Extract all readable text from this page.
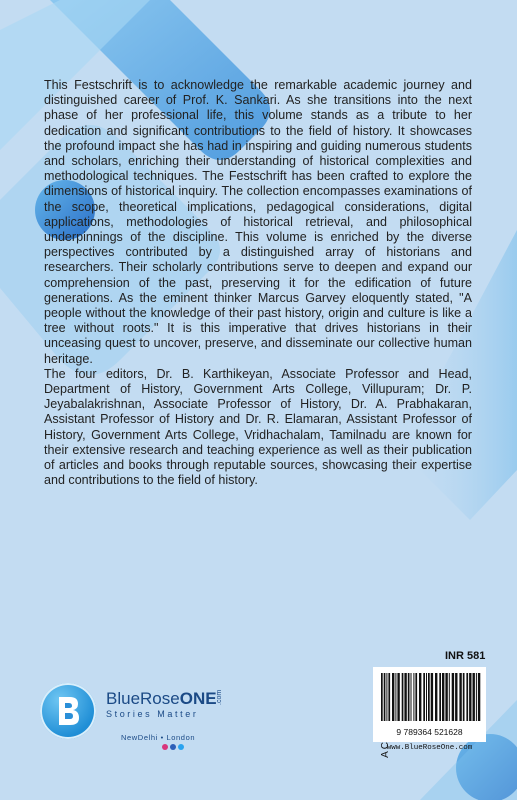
This Festschrift is to acknowledge the remarkable academic journey and distinguished career of Prof. K. Sankari. As she transitions into the next phase of her professional life, this volume stands as a tribute to her dedication and significant contributions to the field of history. It showcases the profound impact she has had in inspiring and guiding numerous students and scholars, enriching their understanding of historical complexities and methodological techniques. The Festschrift has been crafted to explore the dimensions of historical inquiry. The collection encompasses examinations of the scope, theoretical implications, pedagogical considerations, digital applications, methodologies of historical retrieval, and philosophical underpinnings of the discipline. This volume is enriched by the diverse perspectives contributed by a distinguished array of historians and researchers. Their scholarly contributions serve to deepen and expand our comprehension of the past, preserving it for the edification of future generations. As the eminent thinker Marcus Garvey eloquently stated, "A people without the knowledge of their past history, origin and culture is like a tree without roots." It is this imperative that drives historians in their unceasing quest to uncover, preserve, and disseminate our collective human heritage.

The four editors, Dr. B. Karthikeyan, Associate Professor and Head, Department of History, Government Arts College, Villupuram; Dr. P. Jeyabalakrishnan, Associate Professor of History, Dr. A. Prabhakaran, Assistant Professor of History and Dr. R. Elamaran, Assistant Professor of History, Government Arts College, Vridhachalam, Tamilnadu are known for their extensive research and teaching experience as well as their publication of articles and books through reputable sources, showcasing their expertise and contributions to the field of history.

BlueRoseONE .com
Stories Matter
NewDelhi • London
INR 581
9 789364 521628
www.BlueRoseOne.com
